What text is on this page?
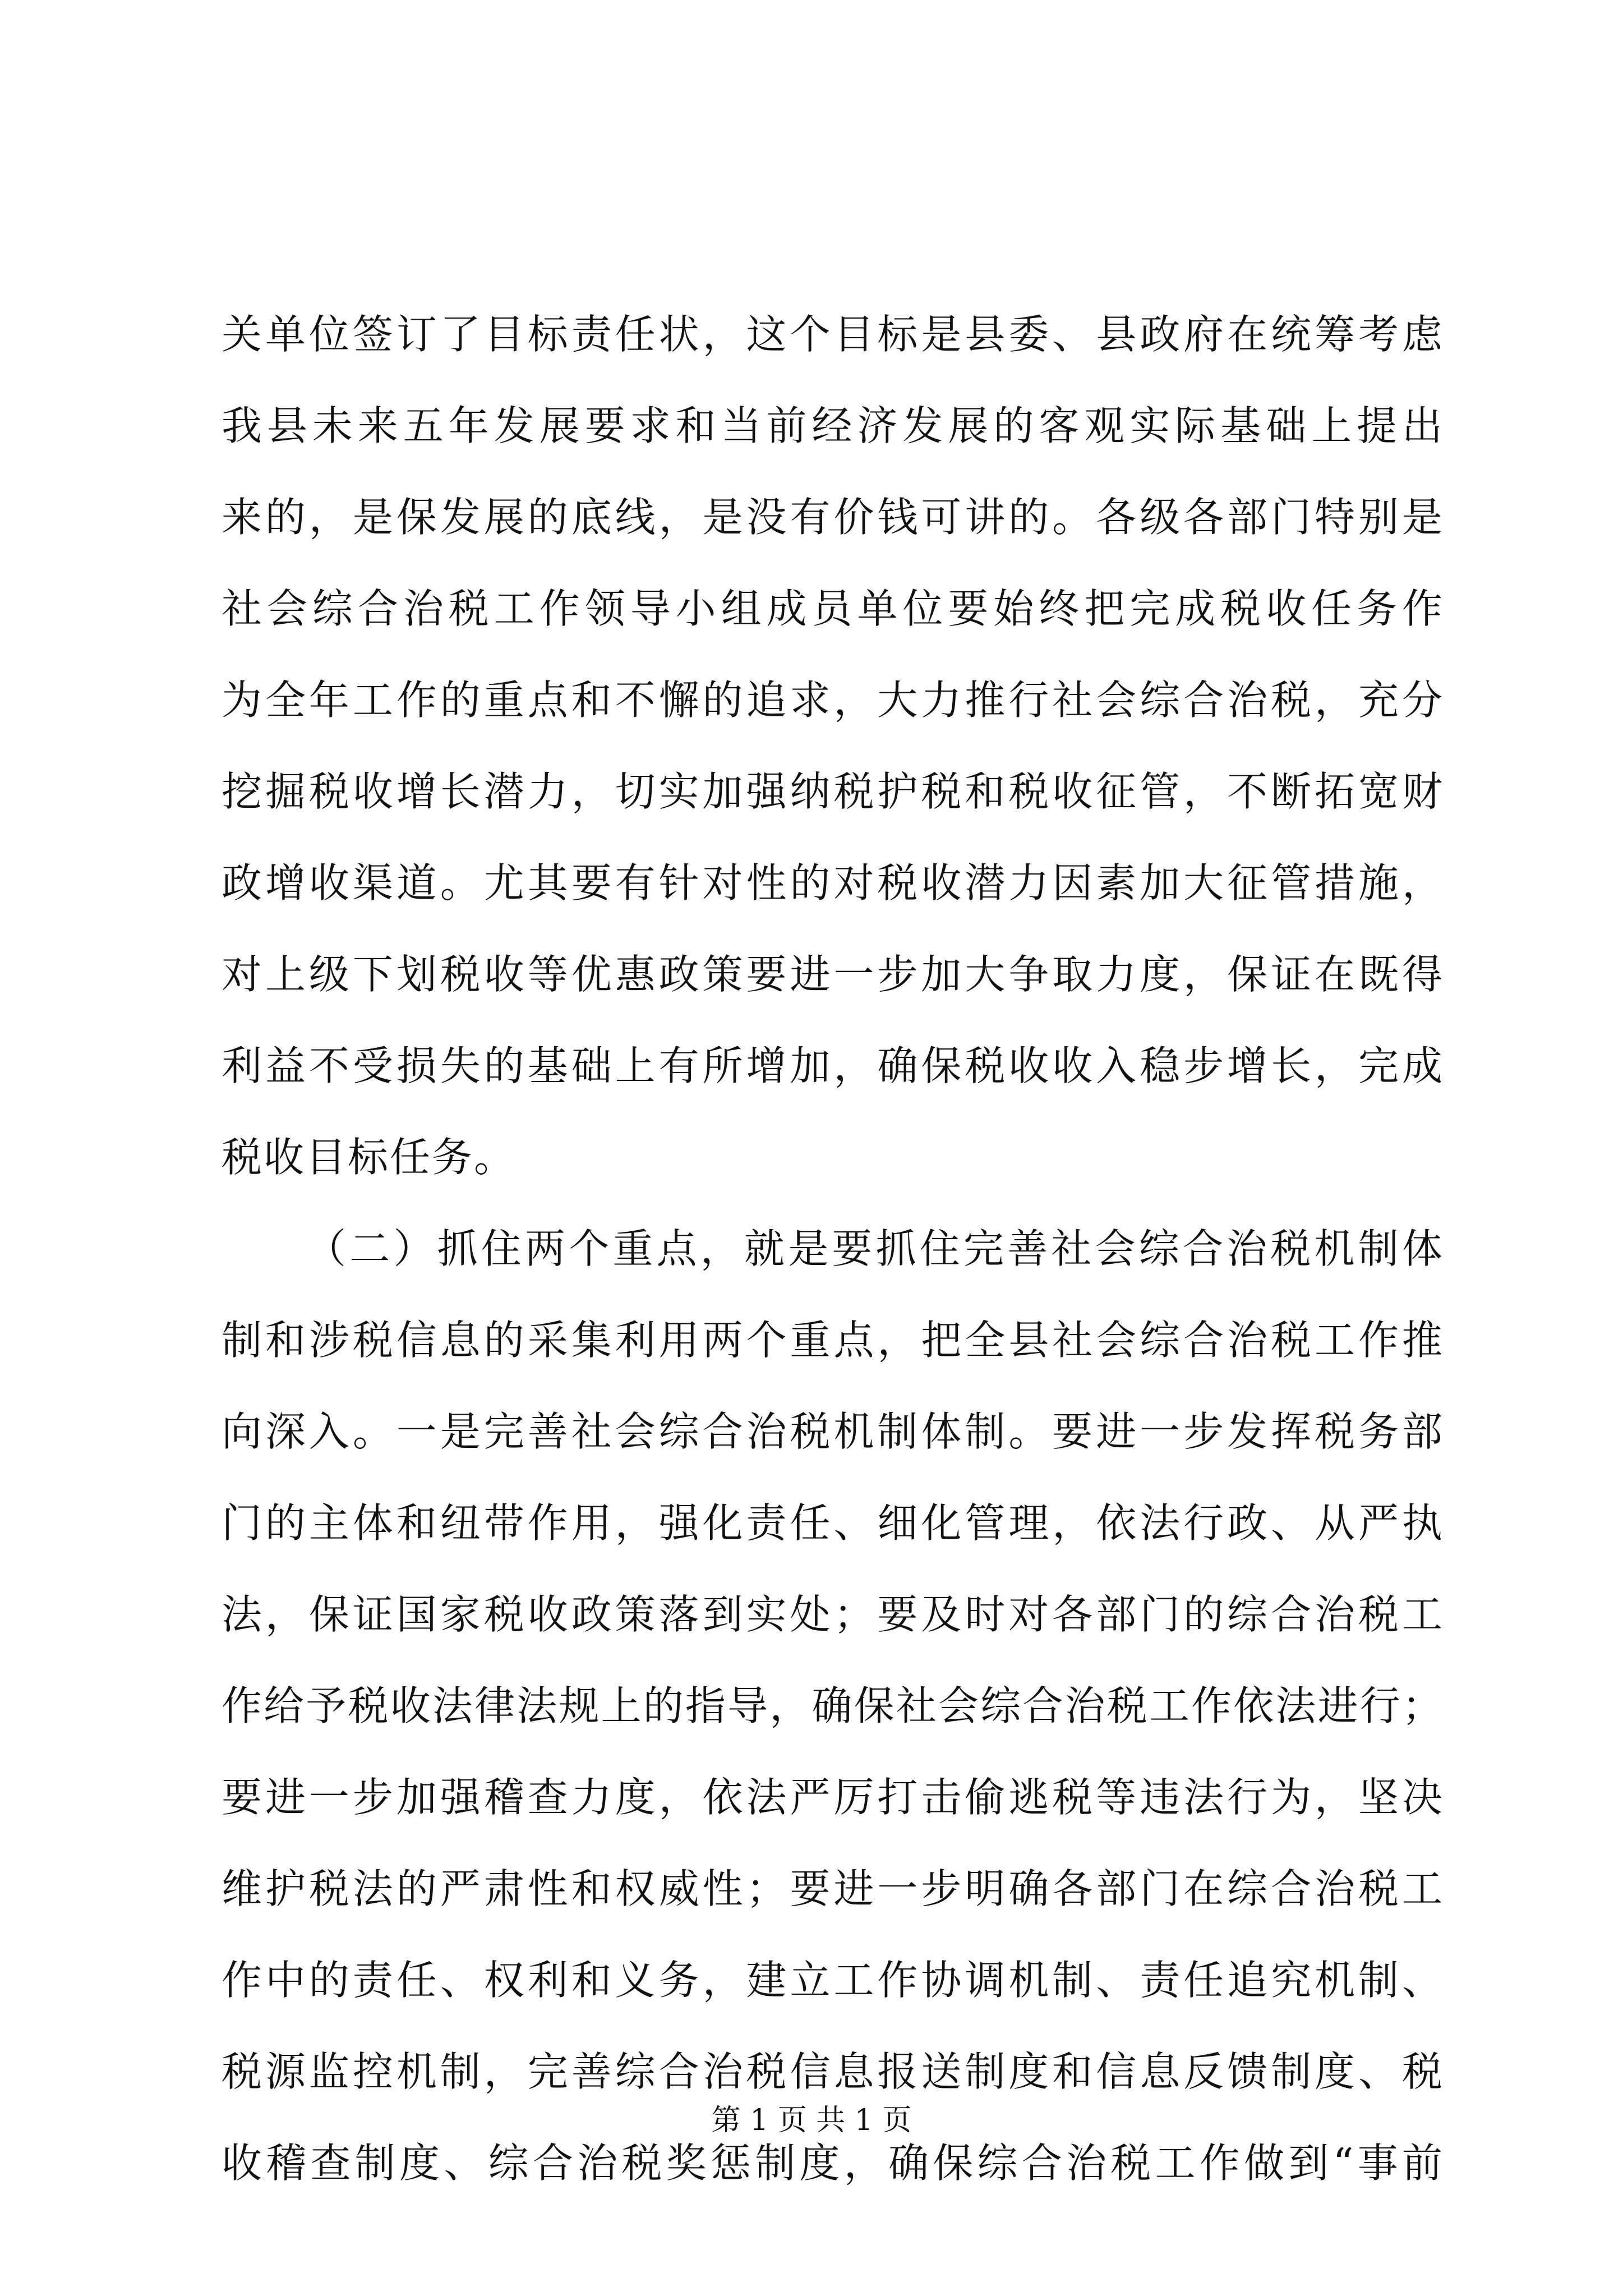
关单位签订了目标责任状，这个目标是县委、县政府在统筹考虑
我县未来五年发展要求和当前经济发展的客观实际基础上提出
来的，是保发展的底线，是没有价钱可讲的。各级各部门特别是
社会综合治税工作领导小组成员单位要始终把完成税收任务作
为全年工作的重点和不懈的追求，大力推行社会综合治税，充分
挖掘税收增长潜力，切实加强纳税护税和税收征管，不断拓宽财
政增收渠道。尤其要有针对性的对税收潜力因素加大征管措施，
对上级下划税收等优惠政策要进一步加大争取力度，保证在既得
利益不受损失的基础上有所增加，确保税收收入稳步增长，完成
税收目标任务。
（二）抓住两个重点，就是要抓住完善社会综合治税机制体
制和涉税信息的采集利用两个重点，把全县社会综合治税工作推
向深入。一是完善社会综合治税机制体制。要进一步发挥税务部
门的主体和纽带作用，强化责任、细化管理，依法行政、从严执
法，保证国家税收政策落到实处；要及时对各部门的综合治税工
作给予税收法律法规上的指导，确保社会综合治税工作依法进行；
要进一步加强稽查力度，依法严厉打击偷逃税等违法行为，坚决
维护税法的严肃性和权威性；要进一步明确各部门在综合治税工
作中的责任、权利和义务，建立工作协调机制、责任追究机制、
税源监控机制，完善综合治税信息报送制度和信息反馈制度、税
收稽查制度、综合治税奖惩制度，确保综合治税工作做到“事前
第 1 页 共 1 页
